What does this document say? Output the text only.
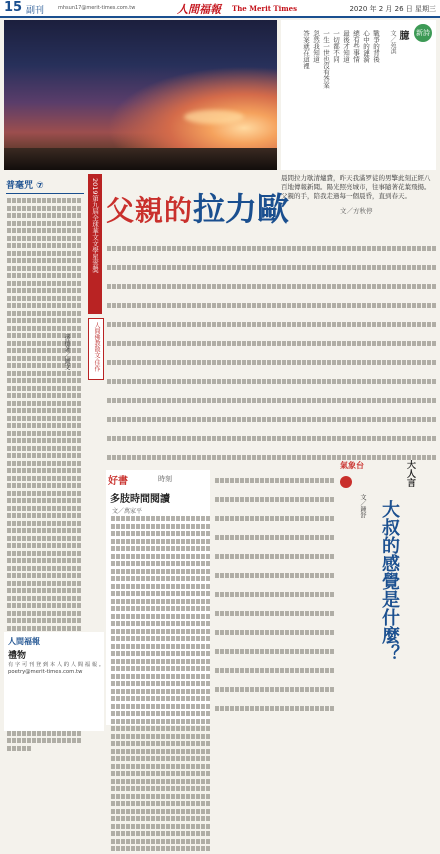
15 副刊	mhsun17@merit-times.com.tw	人間福報 The Merit Times	2020 年 2 月 26 日 星期三
新詩
臆
文／苑淇
戰爭的背後
心中的漣漪
總有些事情
最後才知道
一切都不同
一生一世也沒有答案
忽然我知道
答案就在這裡
晨間拉力歇清爐費，昨天我滿罗徒的男擎此刻正經八百地傳報新聞。陽光照亮城市，往事隨著花葉飛揚。父親的手，陪我走過每一個晨昏，直到春天。
普毫咒 ⑦
孫德著／圖文
2019第九屆全球華文文學星雲獎
人間佛教散文‧佳作
父親的拉力歐	文／方秋停
好書	時刻
多肢時間閱讀
文／萬家平
氣象台
大叔的感覺是什麼？
大人言
文／鍾舒
人間福報
禮物
有字可刊登到本人的人間福報。poetry@merit-times.com.tw
